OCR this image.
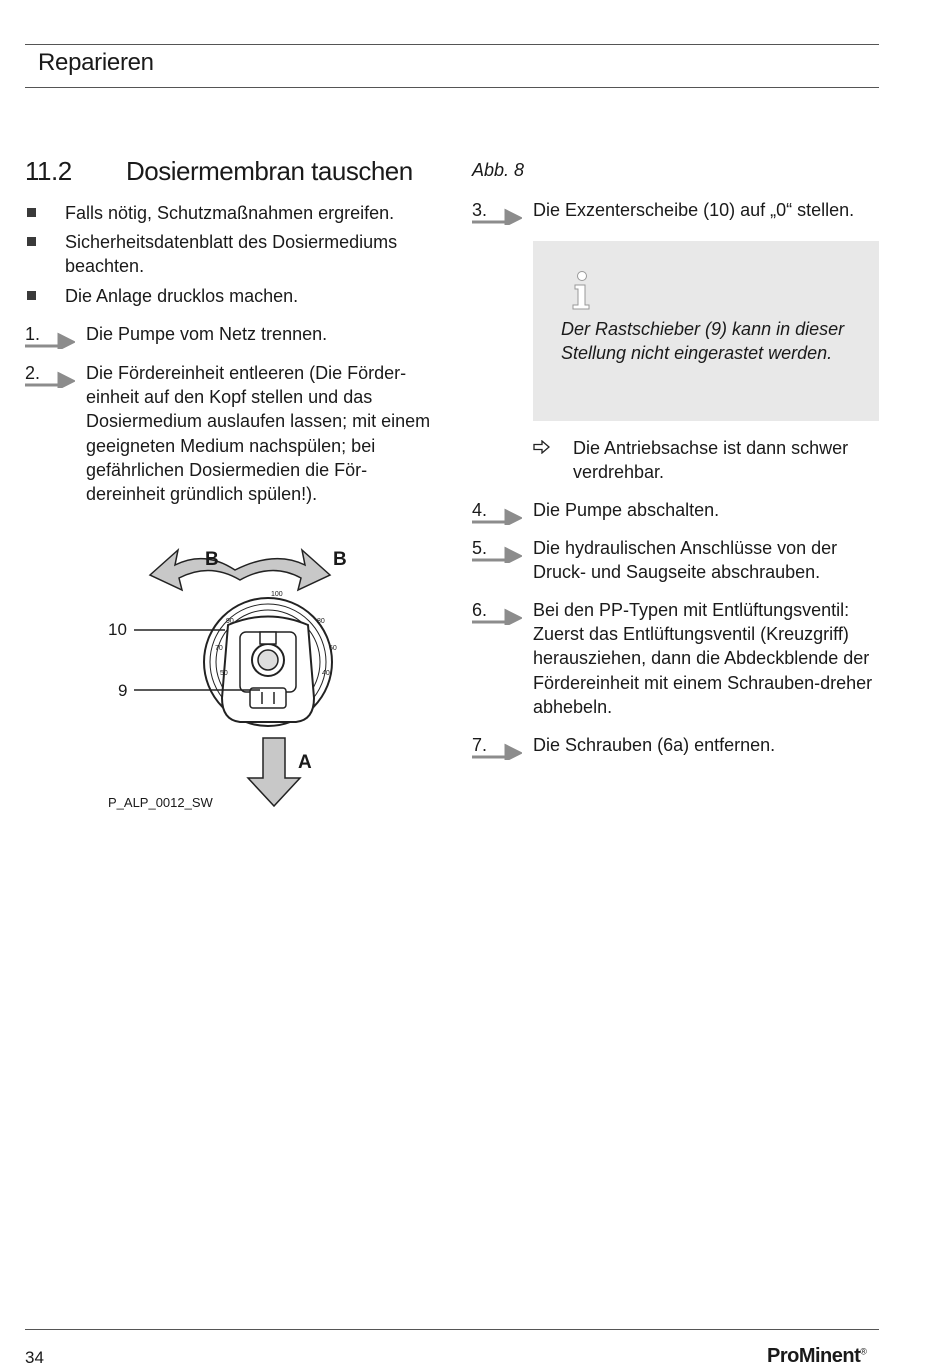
Reparieren
11.2 Dosiermembran tauschen
Falls nötig, Schutzmaßnahmen ergreifen.
Sicherheitsdatenblatt des Dosiermediums beachten.
Die Anlage drucklos machen.
1.	Die Pumpe vom Netz trennen.
2.	Die Fördereinheit entleeren (Die Förder-einheit auf den Kopf stellen und das Dosiermedium auslaufen lassen; mit einem geeigneten Medium nachspülen; bei gefährlichen Dosiermedien die För-dereinheit gründlich spülen!).
B	B
A
10
9
100
90	80
70	60
50	40
P_ALP_0012_SW
Abb. 8
3.	Die Exzenterscheibe (10) auf „0“ stellen.
Der Rastschieber (9) kann in dieser Stellung nicht eingerastet werden.
Die Antriebsachse ist dann schwer verdrehbar.
4.	Die Pumpe abschalten.
5.	Die hydraulischen Anschlüsse von der Druck- und Saugseite abschrauben.
6.	Bei den PP-Typen mit Entlüftungsventil: Zuerst das Entlüftungsventil (Kreuzgriff) herausziehen, dann die Abdeckblende der Fördereinheit mit einem Schrauben-dreher abhebeln.
7.	Die Schrauben (6a) entfernen.
34	ProMinent®
